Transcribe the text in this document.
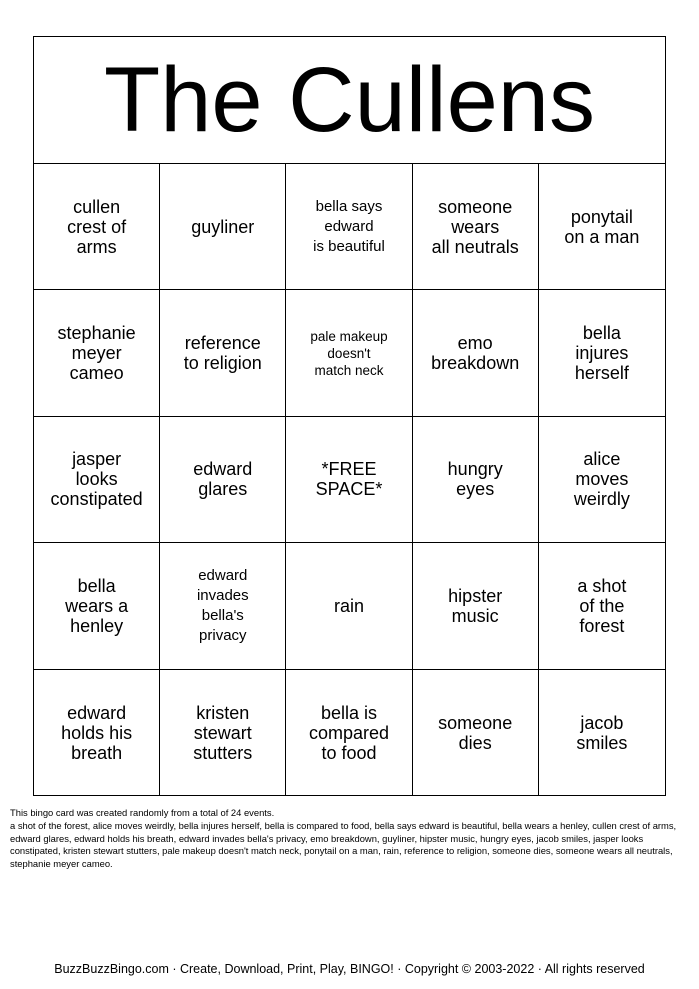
The Cullens
cullen
crest of
arms
guyliner
bella says
edward
is beautiful
someone
wears
all neutrals
ponytail
on a man
stephanie
meyer
cameo
reference
to religion
pale makeup
doesn't
match neck
emo
breakdown
bella
injures
herself
jasper
looks
constipated
edward
glares
*FREE
SPACE*
hungry
eyes
alice
moves
weirdly
bella
wears a
henley
edward
invades
bella's
privacy
rain	hipster
music
a shot
of the
forest
edward
holds his
breath
kristen
stewart
stutters
bella is
compared
to food
someone
dies
jacob
smiles
This bingo card was created randomly from a total of 24 events.
a shot of the forest, alice moves weirdly, bella injures herself, bella is compared to food, bella says edward is beautiful, bella wears a henley, cullen crest of arms, edward glares, edward holds his breath, edward invades bella's privacy, emo breakdown, guyliner, hipster music, hungry eyes, jacob smiles, jasper looks constipated, kristen stewart stutters, pale makeup doesn't match neck, ponytail on a man, rain, reference to religion, someone dies, someone wears all neutrals, stephanie meyer cameo.
BuzzBuzzBingo.com · Create, Download, Print, Play, BINGO! · Copyright © 2003-2022 · All rights reserved
